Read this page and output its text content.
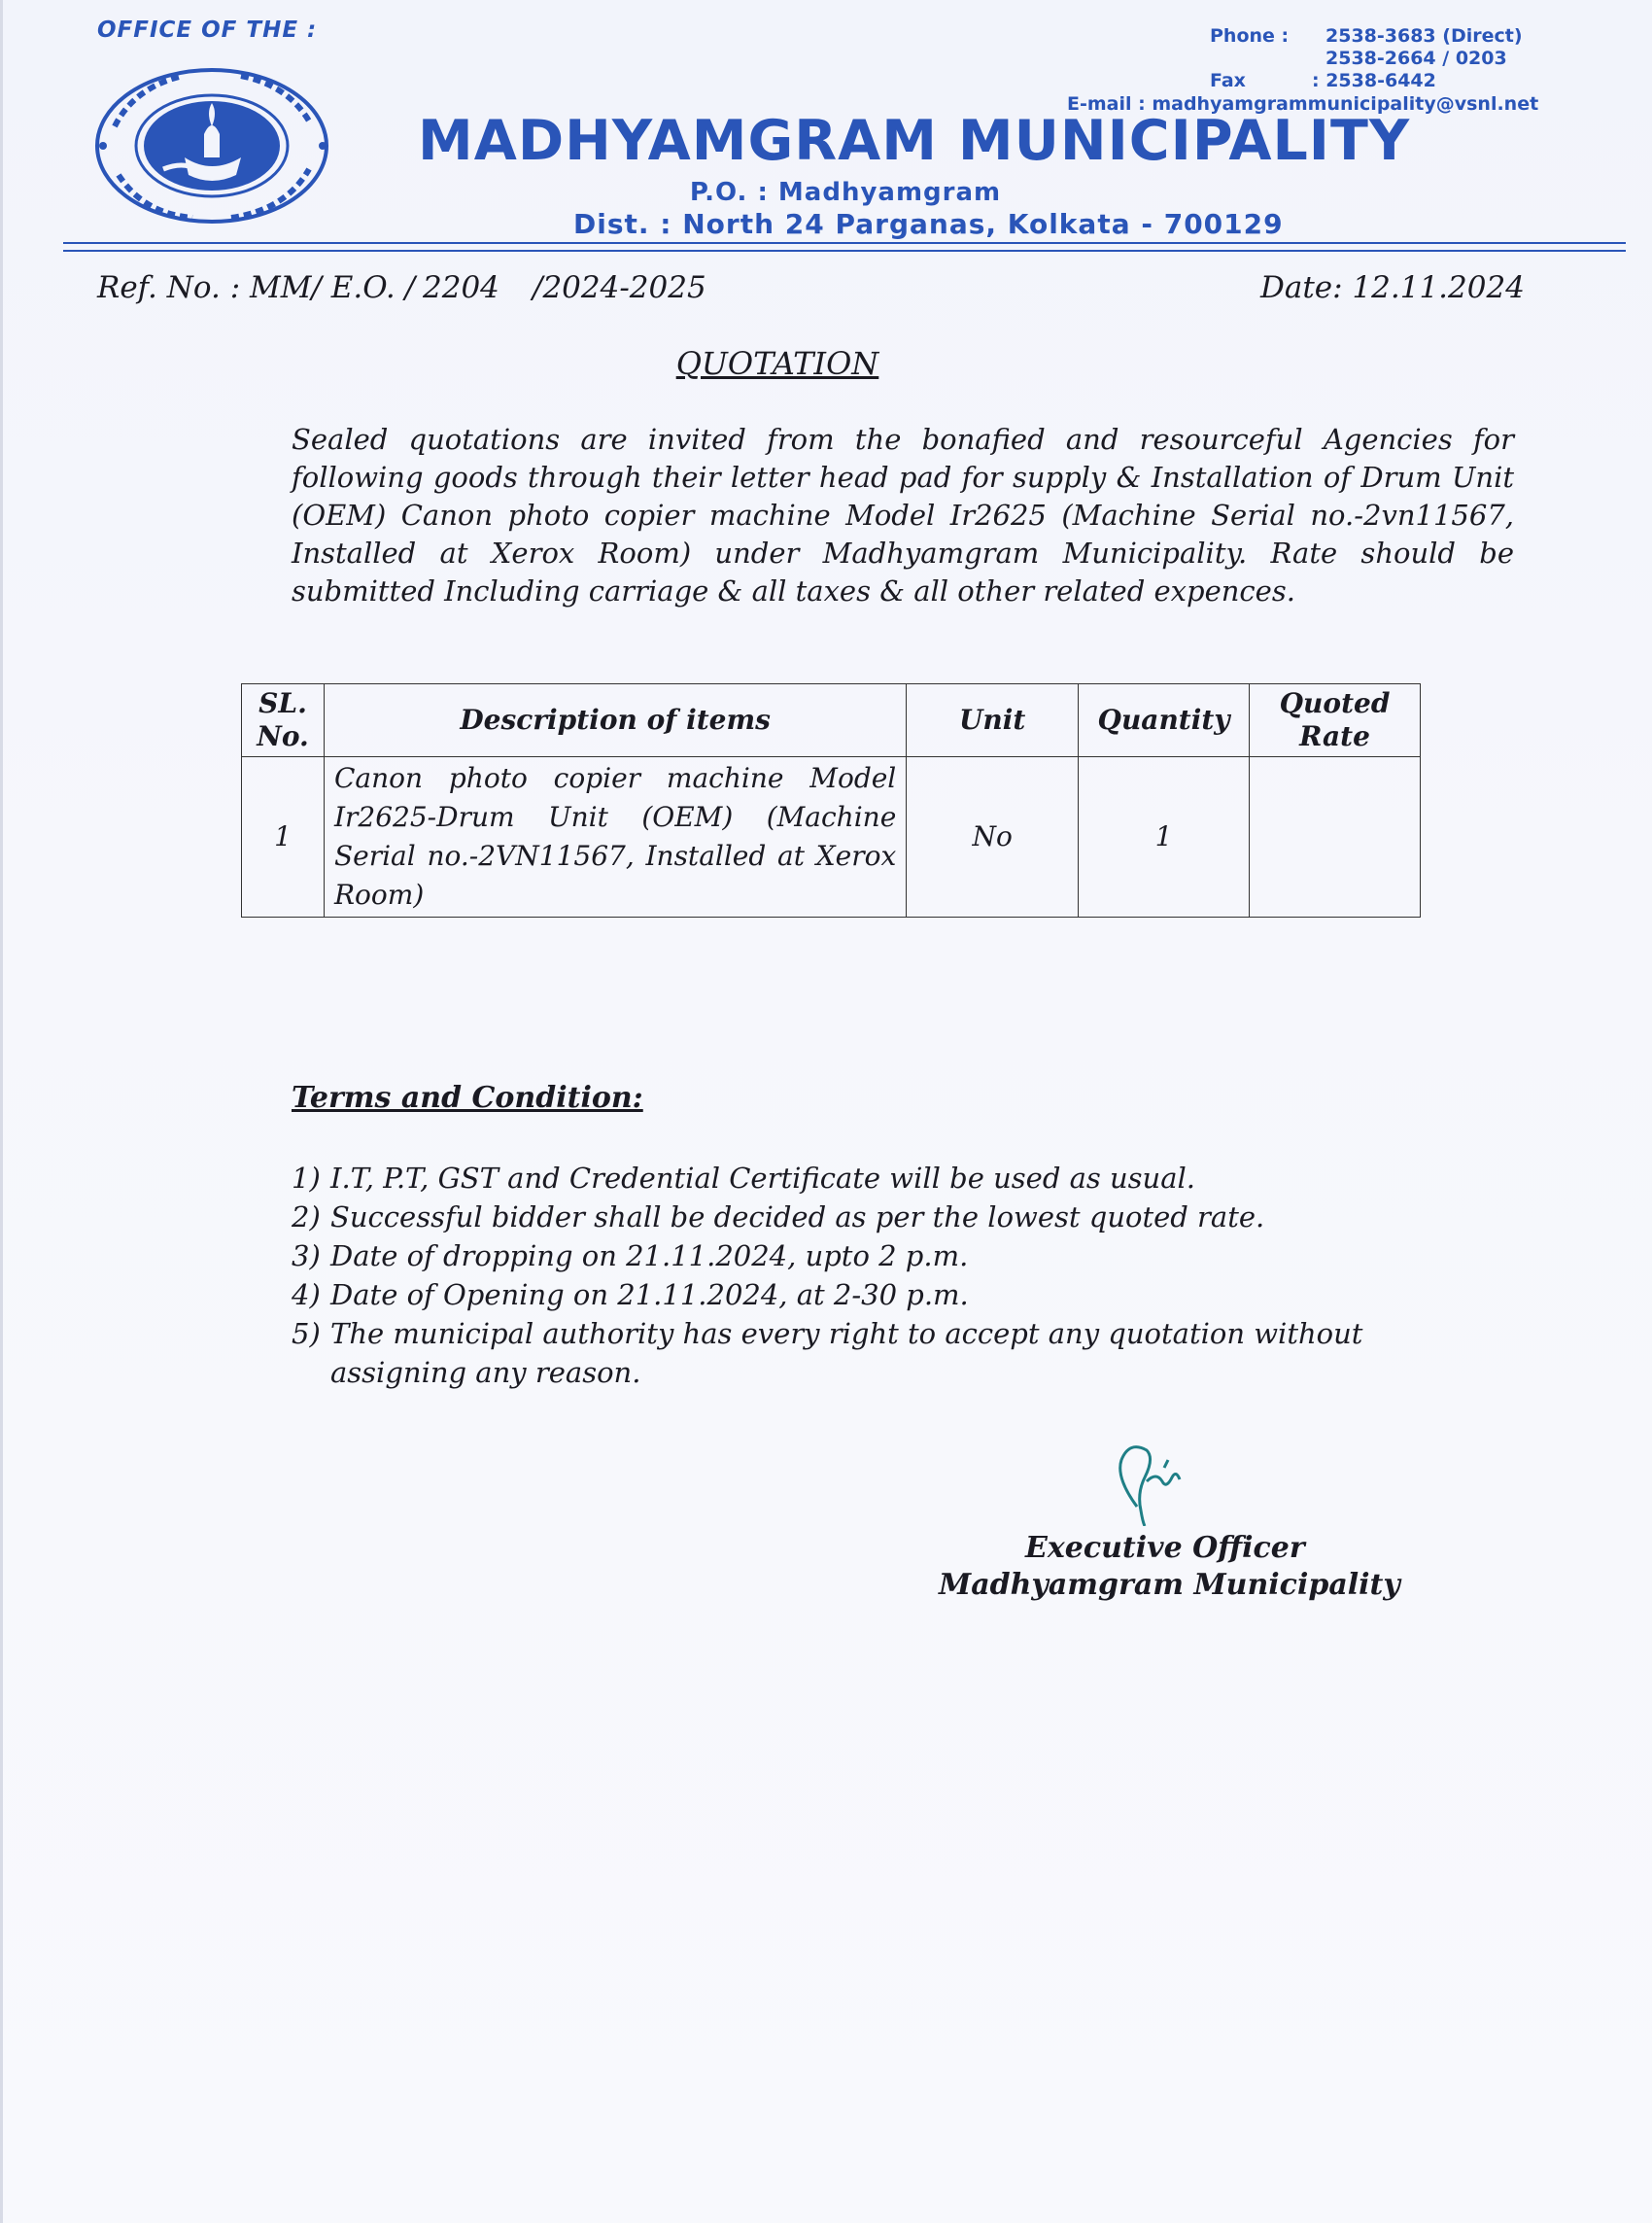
OFFICE OF THE :	Phone : 2538-3683 (Direct)
2538-2664 / 0203
Fax	: 2538-6442
E-mail : madhyamgrammunicipality@vsnl.net
MADHYAMGRAM MUNICIPALITY
P.O. : Madhyamgram
Dist. : North 24 Parganas, Kolkata - 700129
Ref. No. : MM/ E.O. / 2204 /2024-2025	Date: 12.11.2024
QUOTATION
Sealed quotations are invited from the bonafied and resourceful Agencies for following goods through their letter head pad for supply & Installation of Drum Unit (OEM) Canon photo copier machine Model Ir2625 (Machine Serial no.-2vn11567, Installed at Xerox Room) under Madhyamgram Municipality. Rate should be submitted Including carriage & all taxes & all other related expences.
SL. No.	Description of items	Unit	Quantity	Quoted Rate
1	Canon photo copier machine Model Ir2625-Drum Unit (OEM) (Machine Serial no.-2VN11567, Installed at Xerox Room)	No	1	
Terms and Condition:
1) I.T, P.T, GST and Credential Certificate will be used as usual.
2) Successful bidder shall be decided as per the lowest quoted rate.
3) Date of dropping on 21.11.2024, upto 2 p.m.
4) Date of Opening on 21.11.2024, at 2-30 p.m.
5) The municipal authority has every right to accept any quotation without assigning any reason.
Executive Officer
Madhyamgram Municipality
